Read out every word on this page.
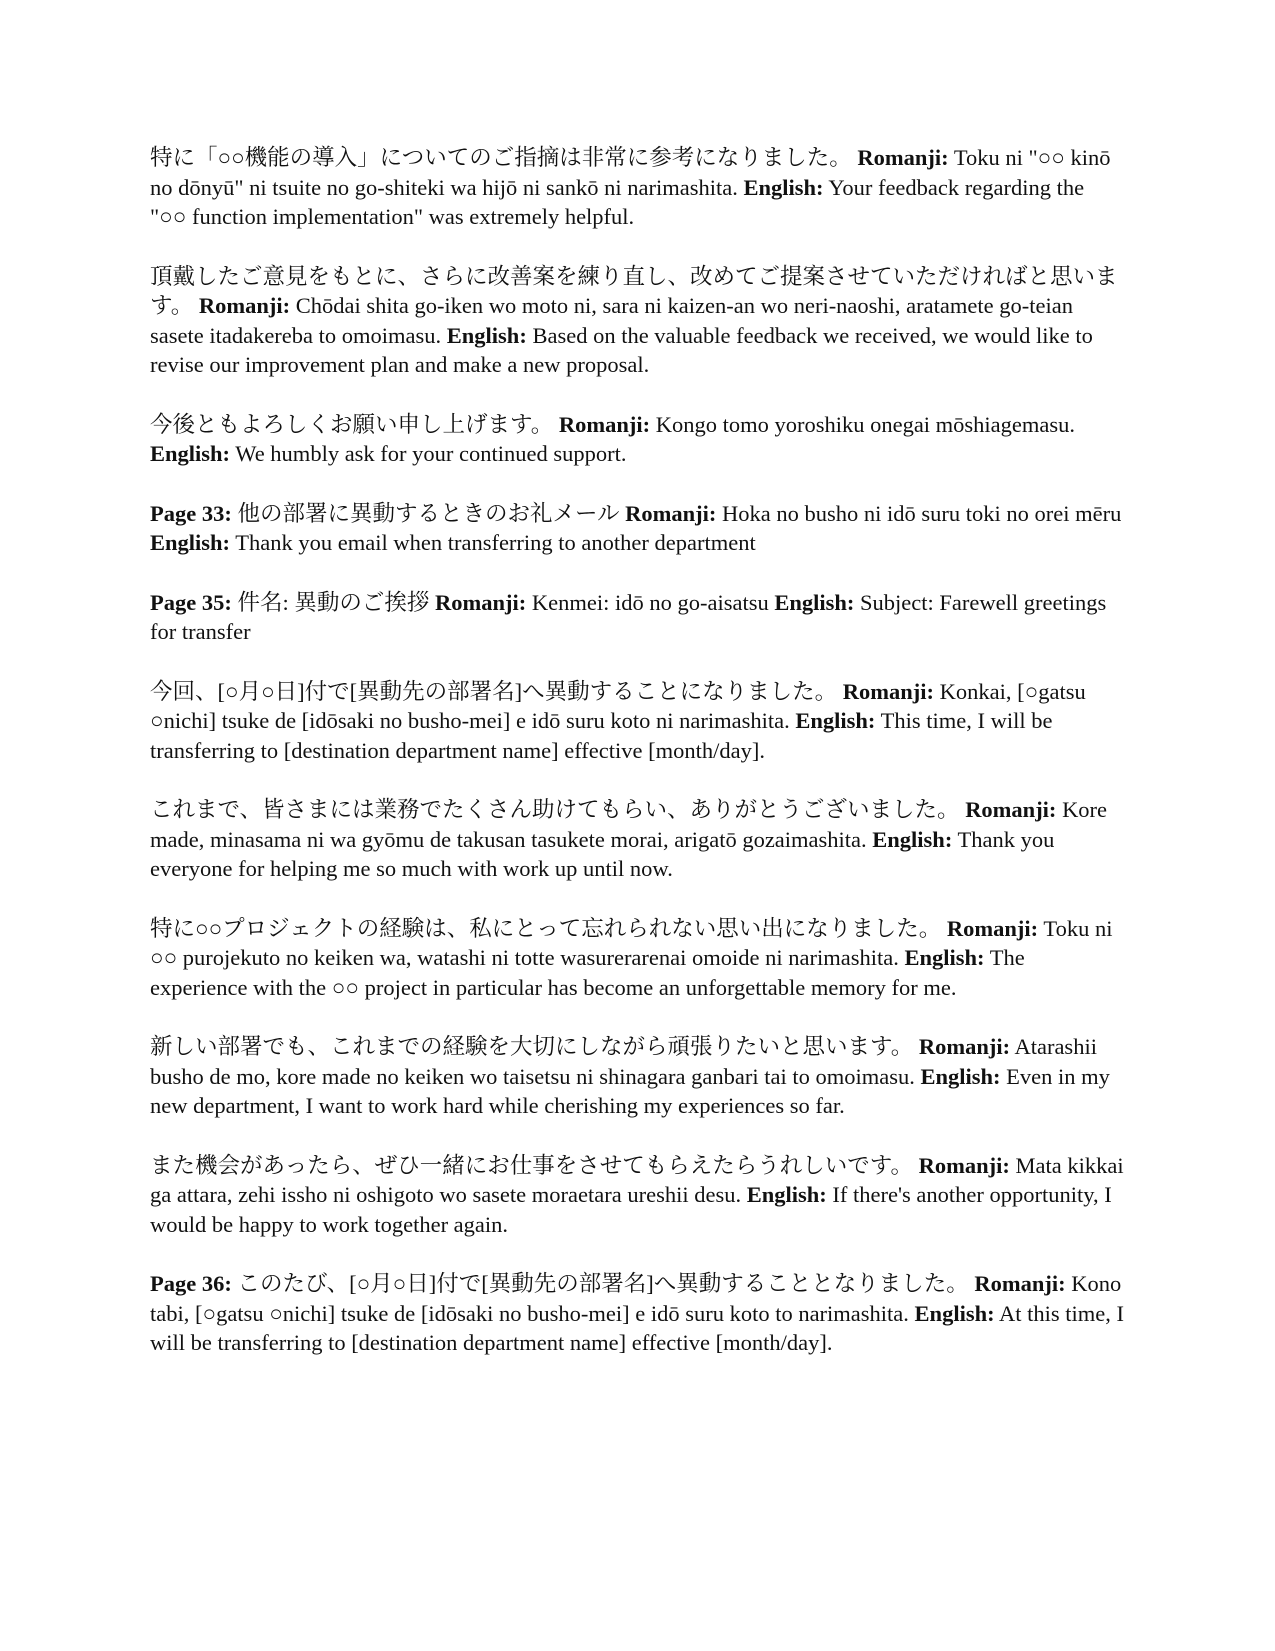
特に「○○機能の導入」についてのご指摘は非常に参考になりました。 Romanji: Toku ni "○○ kinō no dōnyū" ni tsuite no go-shiteki wa hijō ni sankō ni narimashita. English: Your feedback regarding the "○○ function implementation" was extremely helpful.

頂戴したご意見をもとに、さらに改善案を練り直し、改めてご提案させていただければと思います。 Romanji: Chōdai shita go-iken wo moto ni, sara ni kaizen-an wo neri-naoshi, aratamete go-teian sasete itadakereba to omoimasu. English: Based on the valuable feedback we received, we would like to revise our improvement plan and make a new proposal.

今後ともよろしくお願い申し上げます。 Romanji: Kongo tomo yoroshiku onegai mōshiagemasu. English: We humbly ask for your continued support.

Page 33: 他の部署に異動するときのお礼メール Romanji: Hoka no busho ni idō suru toki no orei mēru English: Thank you email when transferring to another department

Page 35: 件名: 異動のご挨拶 Romanji: Kenmei: idō no go-aisatsu English: Subject: Farewell greetings for transfer

今回、[○月○日]付で[異動先の部署名]へ異動することになりました。 Romanji: Konkai, [○gatsu ○nichi] tsuke de [idōsaki no busho-mei] e idō suru koto ni narimashita. English: This time, I will be transferring to [destination department name] effective [month/day].

これまで、皆さまには業務でたくさん助けてもらい、ありがとうございました。 Romanji: Kore made, minasama ni wa gyōmu de takusan tasukete morai, arigatō gozaimashita. English: Thank you everyone for helping me so much with work up until now.

特に○○プロジェクトの経験は、私にとって忘れられない思い出になりました。 Romanji: Toku ni ○○ purojekuto no keiken wa, watashi ni totte wasurerarenai omoide ni narimashita. English: The experience with the ○○ project in particular has become an unforgettable memory for me.

新しい部署でも、これまでの経験を大切にしながら頑張りたいと思います。 Romanji: Atarashii busho de mo, kore made no keiken wo taisetsu ni shinagara ganbari tai to omoimasu. English: Even in my new department, I want to work hard while cherishing my experiences so far.

また機会があったら、ぜひ一緒にお仕事をさせてもらえたらうれしいです。 Romanji: Mata kikkai ga attara, zehi issho ni oshigoto wo sasete moraetara ureshii desu. English: If there's another opportunity, I would be happy to work together again.

Page 36: このたび、[○月○日]付で[異動先の部署名]へ異動することとなりました。 Romanji: Kono tabi, [○gatsu ○nichi] tsuke de [idōsaki no busho-mei] e idō suru koto to narimashita. English: At this time, I will be transferring to [destination department name] effective [month/day].
